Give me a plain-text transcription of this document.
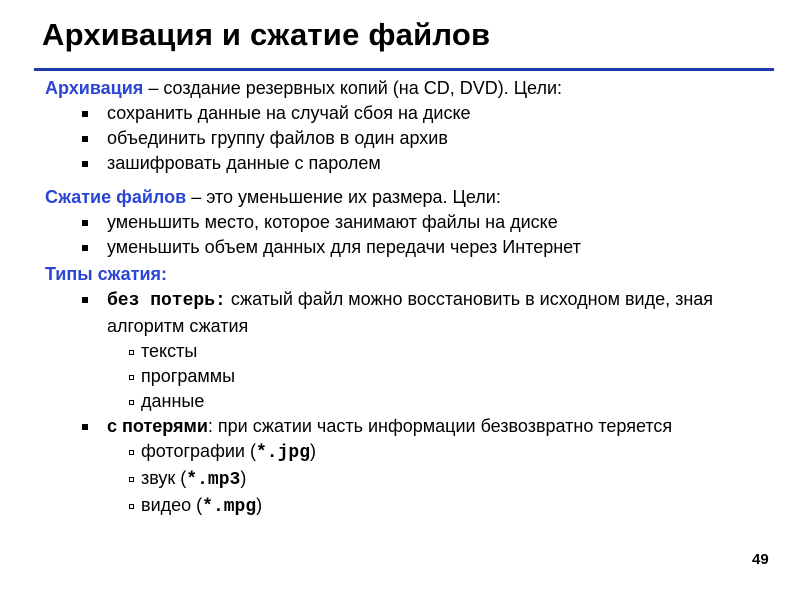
Архивация и сжатие файлов

Архивация – создание резервных копий (на CD, DVD). Цели:

сохранить данные на случай сбоя на диске
объединить группу файлов в один архив
зашифровать данные с паролем

Сжатие файлов – это уменьшение их размера. Цели:

уменьшить место, которое занимают файлы на диске
уменьшить объем данных для передачи через Интернет

Типы сжатия:

без потерь: сжатый файл можно восстановить в исходном виде, зная алгоритм сжатия
тексты
программы
данные
с потерями: при сжатии часть информации безвозвратно теряется
фотографии (*.jpg)
звук (*.mp3)
видео (*.mpg)
49
